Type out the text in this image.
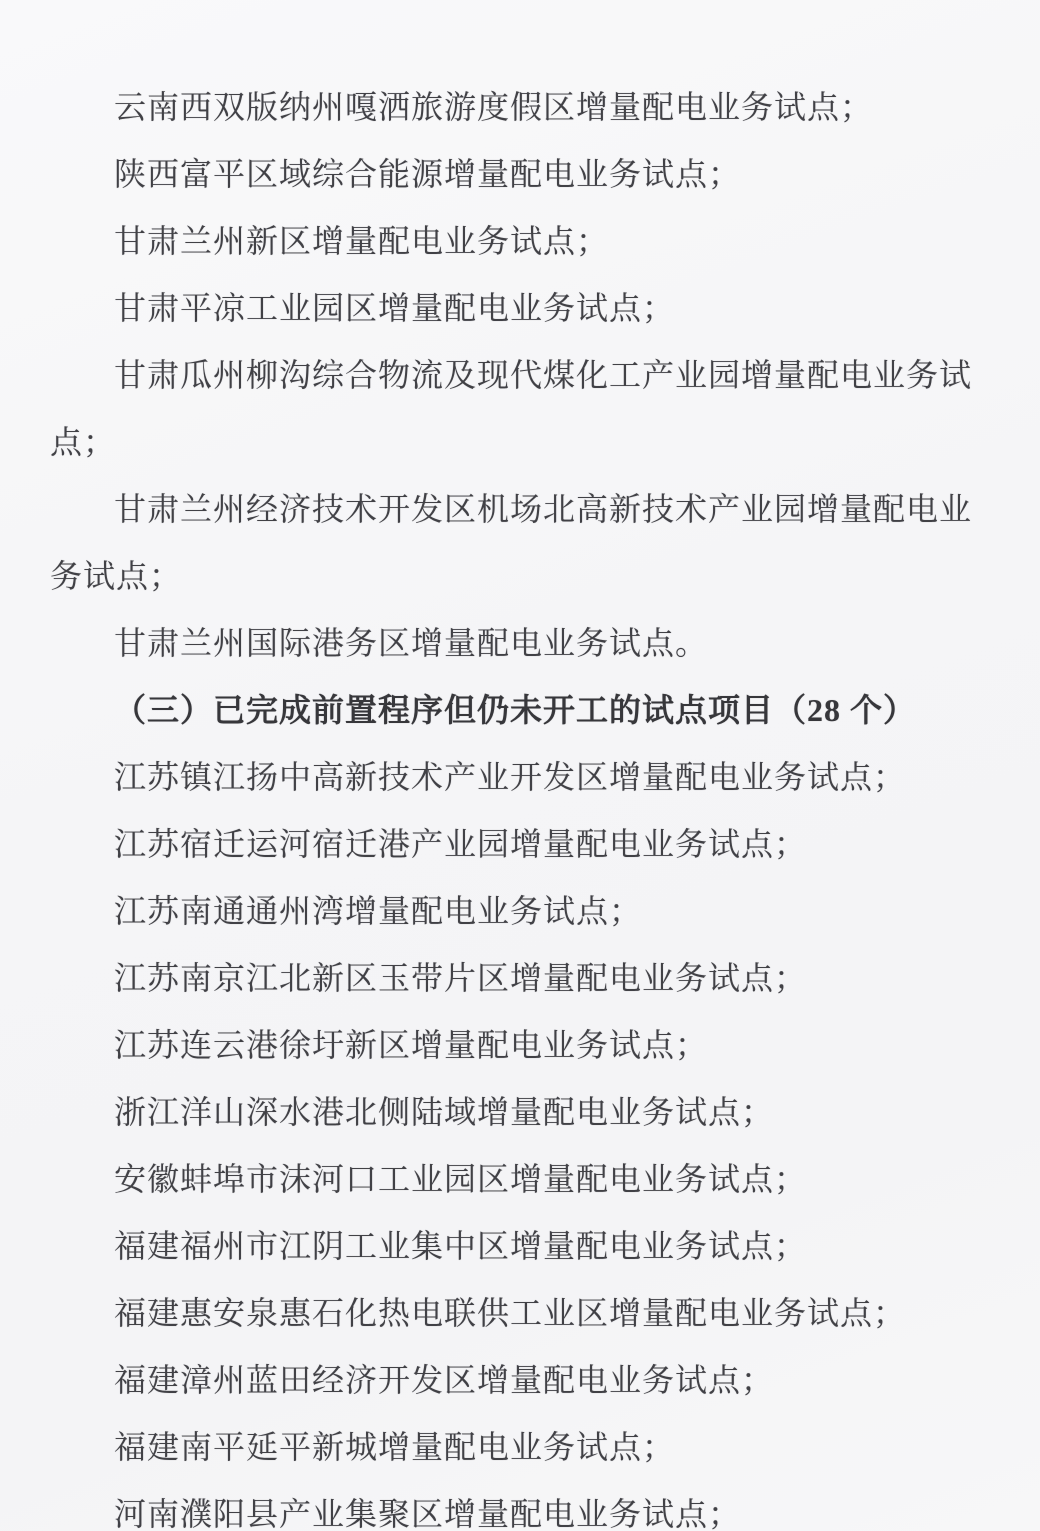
云南西双版纳州嘎洒旅游度假区增量配电业务试点；

陕西富平区域综合能源增量配电业务试点；

甘肃兰州新区增量配电业务试点；

甘肃平凉工业园区增量配电业务试点；

甘肃瓜州柳沟综合物流及现代煤化工产业园增量配电业务试点；

甘肃兰州经济技术开发区机场北高新技术产业园增量配电业务试点；

甘肃兰州国际港务区增量配电业务试点。

（三）已完成前置程序但仍未开工的试点项目（28 个）

江苏镇江扬中高新技术产业开发区增量配电业务试点；

江苏宿迁运河宿迁港产业园增量配电业务试点；

江苏南通通州湾增量配电业务试点；

江苏南京江北新区玉带片区增量配电业务试点；

江苏连云港徐圩新区增量配电业务试点；

浙江洋山深水港北侧陆域增量配电业务试点；

安徽蚌埠市沫河口工业园区增量配电业务试点；

福建福州市江阴工业集中区增量配电业务试点；

福建惠安泉惠石化热电联供工业区增量配电业务试点；

福建漳州蓝田经济开发区增量配电业务试点；

福建南平延平新城增量配电业务试点；

河南濮阳县产业集聚区增量配电业务试点；
